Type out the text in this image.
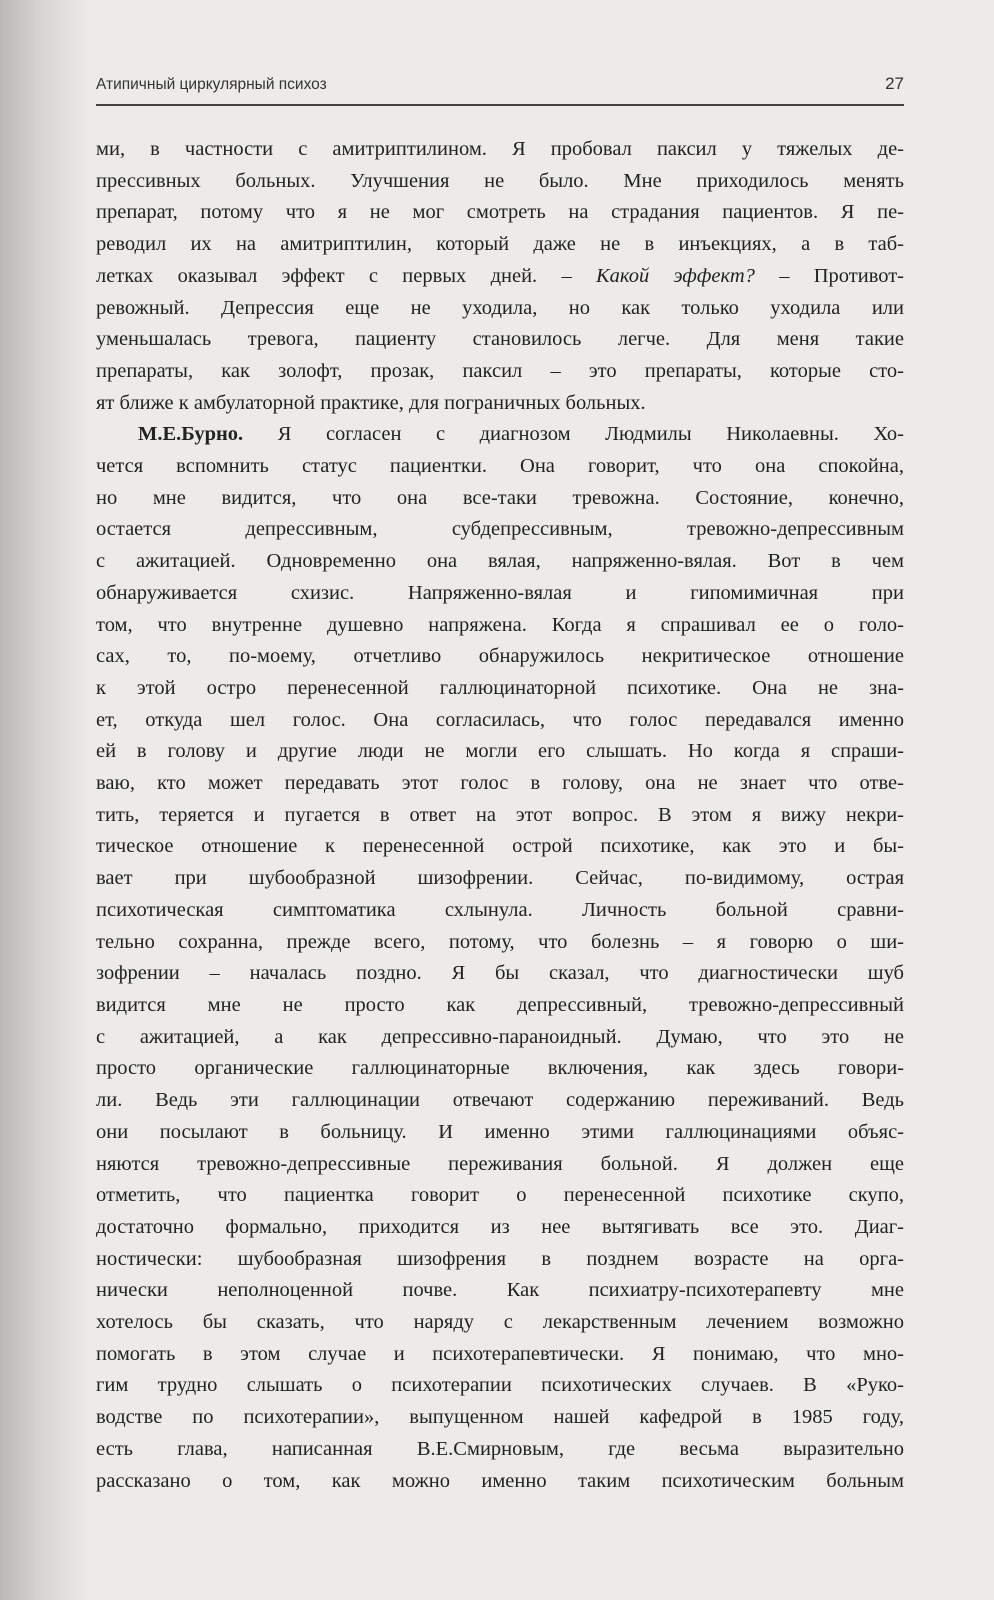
Атипичный циркулярный психоз	27
ми, в частности с амитриптилином. Я пробовал паксил у тяжелых де-
прессивных больных. Улучшения не было. Мне приходилось менять
препарат, потому что я не мог смотреть на страдания пациентов. Я пе-
реводил их на амитриптилин, который даже не в инъекциях, а в таб-
летках оказывал эффект с первых дней. – Какой эффект? – Противот-
ревожный. Депрессия еще не уходила, но как только уходила или
уменьшалась тревога, пациенту становилось легче. Для меня такие
препараты, как золофт, прозак, паксил – это препараты, которые сто-
ят ближе к амбулаторной практике, для пограничных больных.
М.Е.Бурно. Я согласен с диагнозом Людмилы Николаевны. Хо-
чется вспомнить статус пациентки. Она говорит, что она спокойна,
но мне видится, что она все-таки тревожна. Состояние, конечно,
остается депрессивным, субдепрессивным, тревожно-депрессивным
с ажитацией. Одновременно она вялая, напряженно-вялая. Вот в чем
обнаруживается схизис. Напряженно-вялая и гипомимичная при
том, что внутренне душевно напряжена. Когда я спрашивал ее о голо-
сах, то, по-моему, отчетливо обнаружилось некритическое отношение
к этой остро перенесенной галлюцинаторной психотике. Она не зна-
ет, откуда шел голос. Она согласилась, что голос передавался именно
ей в голову и другие люди не могли его слышать. Но когда я спраши-
ваю, кто может передавать этот голос в голову, она не знает что отве-
тить, теряется и пугается в ответ на этот вопрос. В этом я вижу некри-
тическое отношение к перенесенной острой психотике, как это и бы-
вает при шубообразной шизофрении. Сейчас, по-видимому, острая
психотическая симптоматика схлынула. Личность больной сравни-
тельно сохранна, прежде всего, потому, что болезнь – я говорю о ши-
зофрении – началась поздно. Я бы сказал, что диагностически шуб
видится мне не просто как депрессивный, тревожно-депрессивный
с ажитацией, а как депрессивно-параноидный. Думаю, что это не
просто органические галлюцинаторные включения, как здесь говори-
ли. Ведь эти галлюцинации отвечают содержанию переживаний. Ведь
они посылают в больницу. И именно этими галлюцинациями объяс-
няются тревожно-депрессивные переживания больной. Я должен еще
отметить, что пациентка говорит о перенесенной психотике скупо,
достаточно формально, приходится из нее вытягивать все это. Диаг-
ностически: шубообразная шизофрения в позднем возрасте на орга-
нически неполноценной почве. Как психиатру-психотерапевту мне
хотелось бы сказать, что наряду с лекарственным лечением возможно
помогать в этом случае и психотерапевтически. Я понимаю, что мно-
гим трудно слышать о психотерапии психотических случаев. В «Руко-
водстве по психотерапии», выпущенном нашей кафедрой в 1985 году,
есть глава, написанная В.Е.Смирновым, где весьма выразительно
рассказано о том, как можно именно таким психотическим больным
